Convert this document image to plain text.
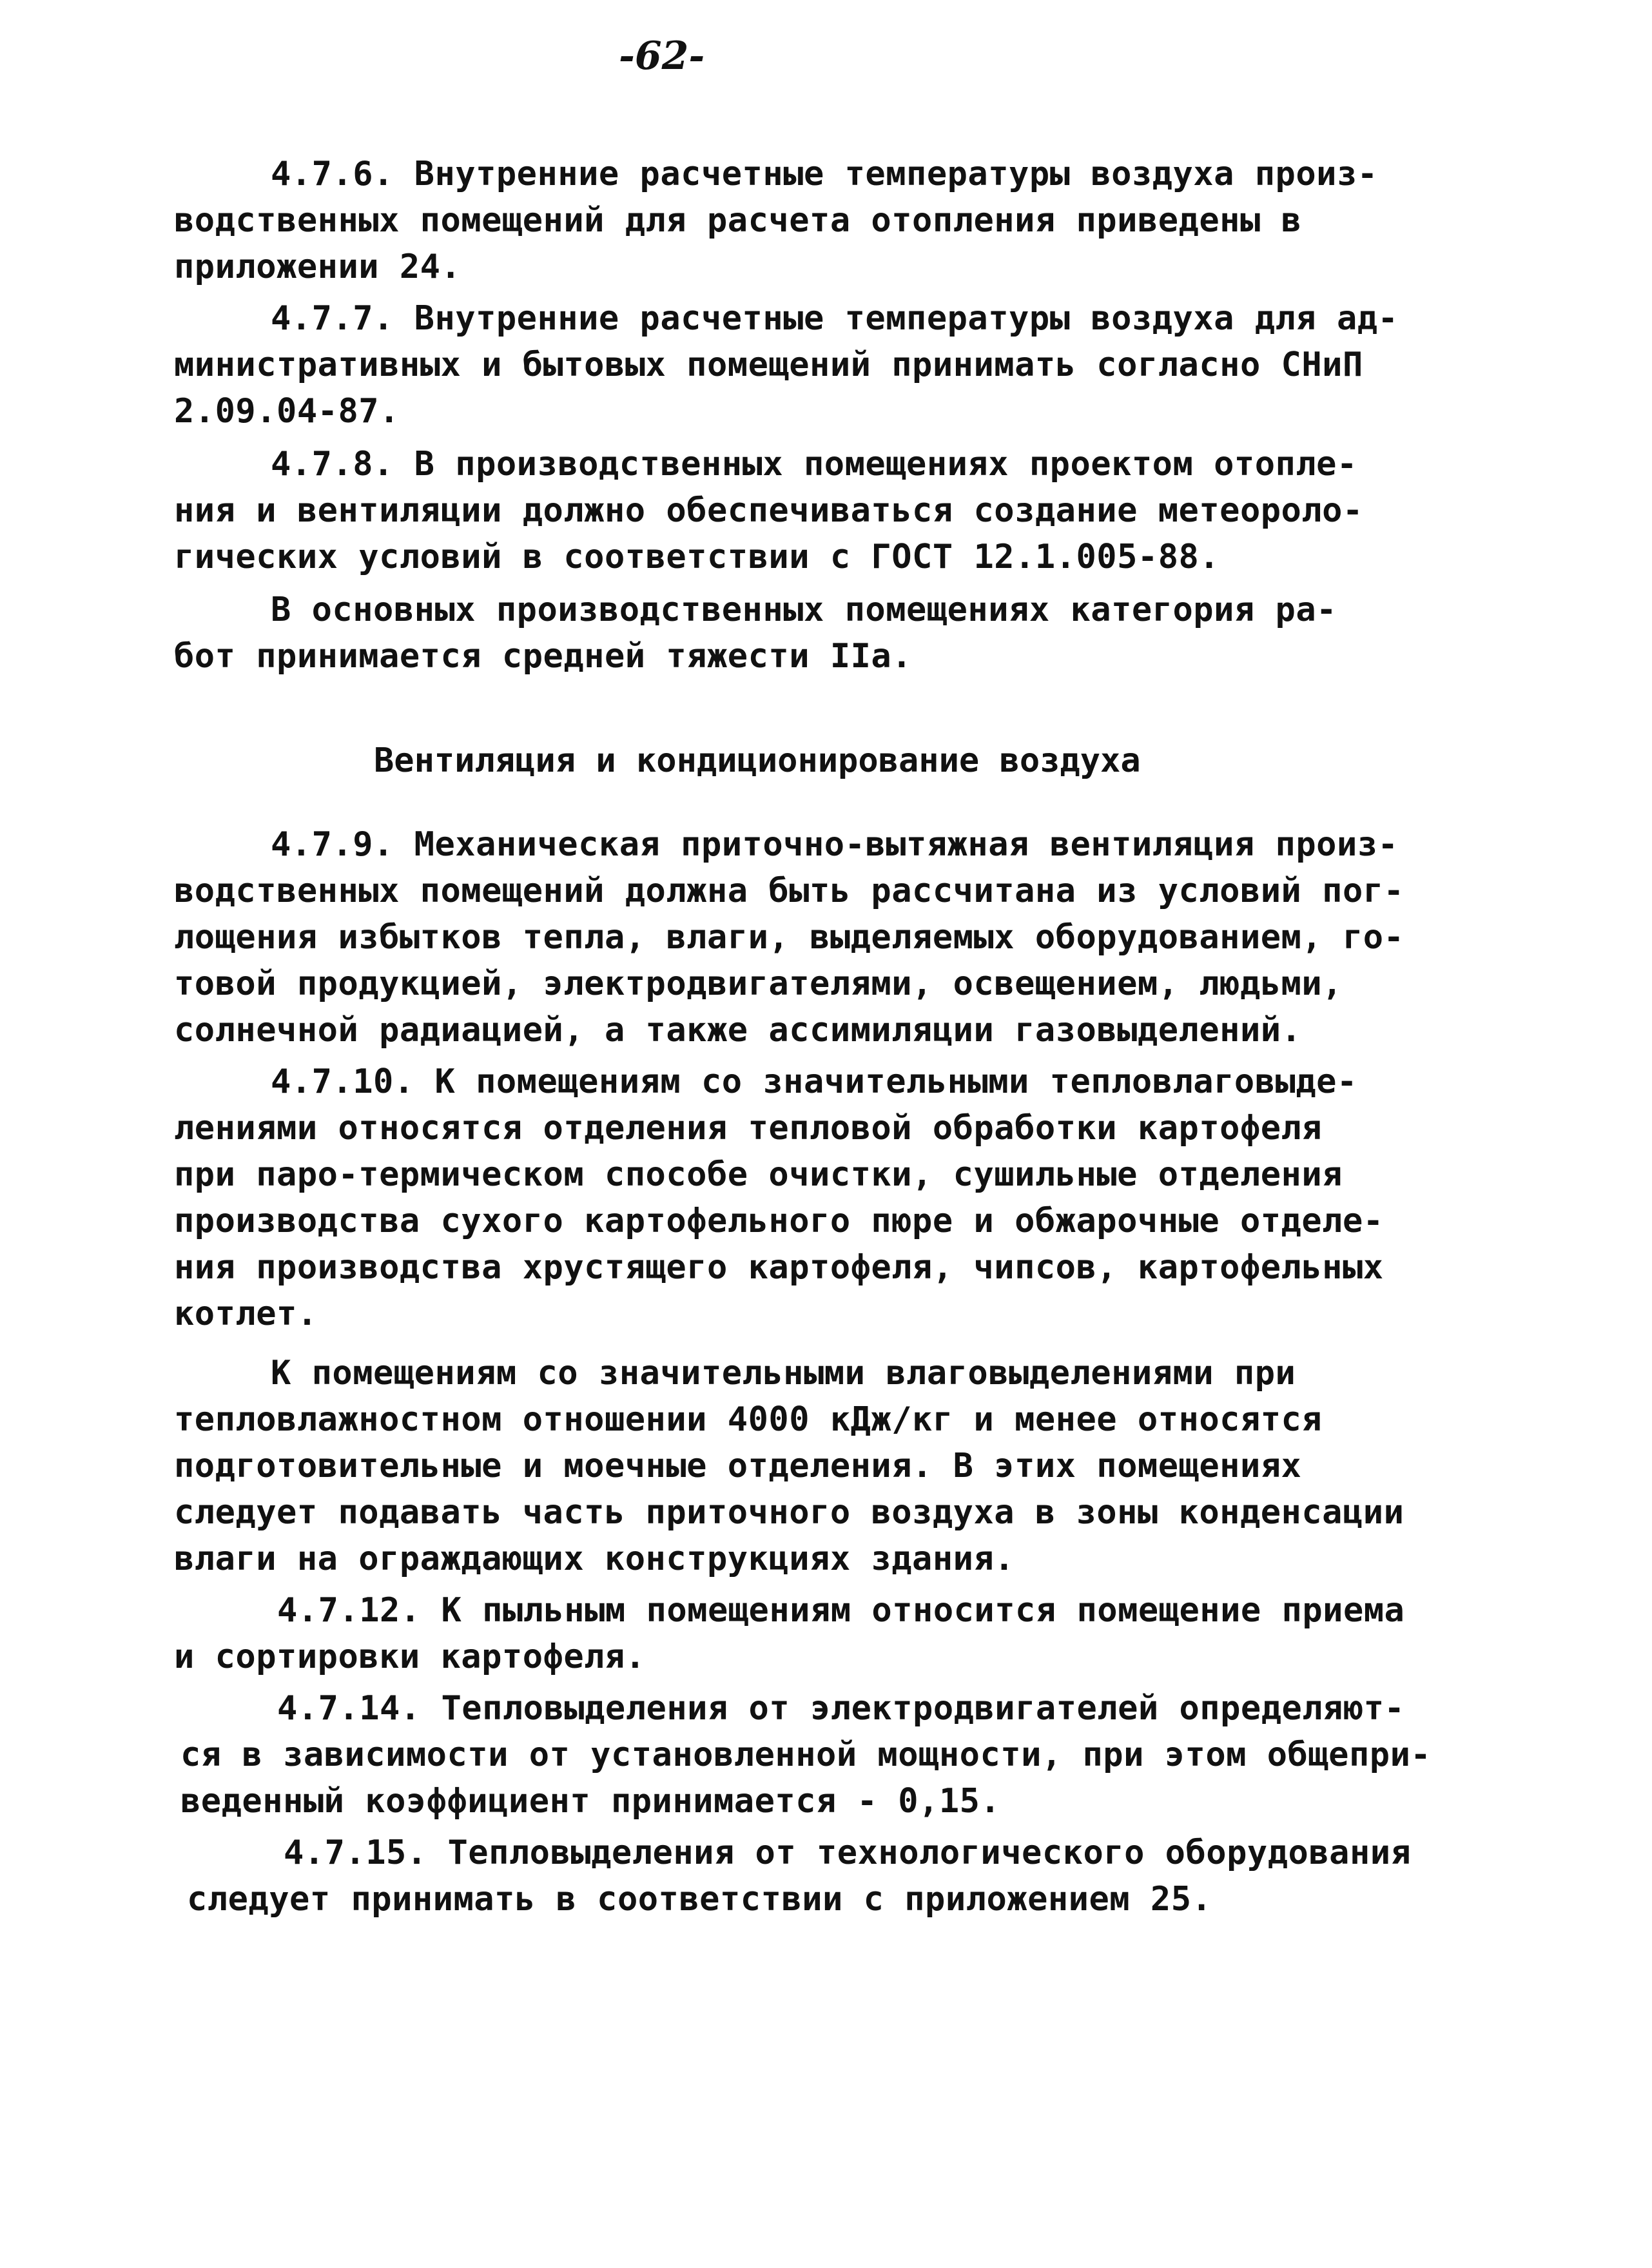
-62-
4.7.6. Внутренние расчетные температуры воздуха произ-
водственных помещений для расчета отопления приведены в
приложении 24.
4.7.7. Внутренние расчетные температуры воздуха для ад-
министративных и бытовых помещений принимать согласно СНиП
2.09.04-87.
4.7.8. В производственных помещениях проектом отопле-
ния и вентиляции должно обеспечиваться создание метеороло-
гических условий в соответствии с ГОСТ 12.1.005-88.
В основных производственных помещениях категория ра-
бот принимается средней тяжести IIa.
Вентиляция и кондиционирование воздуха
4.7.9. Механическая приточно-вытяжная вентиляция произ-
водственных помещений должна быть рассчитана из условий пог-
лощения избытков тепла, влаги, выделяемых оборудованием, го-
товой продукцией, электродвигателями, освещением, людьми,
солнечной радиацией, а также ассимиляции газовыделений.
4.7.10. К помещениям со значительными тепловлаговыде-
лениями относятся отделения тепловой обработки картофеля
при паро-термическом способе очистки, сушильные отделения
производства сухого картофельного пюре и обжарочные отделе-
ния производства хрустящего картофеля, чипсов, картофельных
котлет.
К помещениям со значительными влаговыделениями при
тепловлажностном отношении 4000 кДж/кг и менее относятся
подготовительные и моечные отделения. В этих помещениях
следует подавать часть приточного воздуха в зоны конденсации
влаги на ограждающих конструкциях здания.
4.7.12. К пыльным помещениям относится помещение приема
и сортировки картофеля.
4.7.14. Тепловыделения от электродвигателей определяют-
ся в зависимости от установленной мощности, при этом общепри-
веденный коэффициент принимается - 0,15.
4.7.15. Тепловыделения от технологического оборудования
следует принимать в соответствии с приложением 25.
